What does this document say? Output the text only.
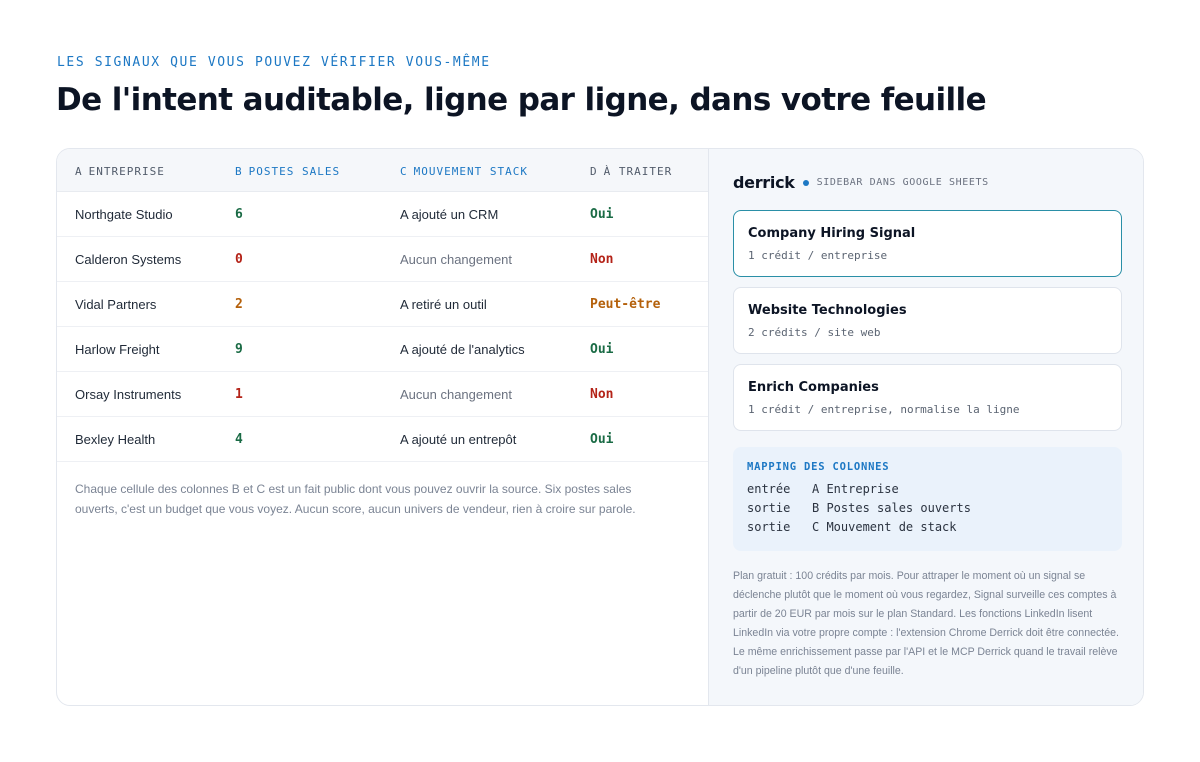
LES SIGNAUX QUE VOUS POUVEZ VÉRIFIER VOUS-MÊME
De l'intent auditable, ligne par ligne, dans votre feuille
A ENTREPRISE	B POSTES SALES	C MOUVEMENT STACK	D À TRAITER
Northgate Studio	6	A ajouté un CRM	Oui
Calderon Systems	0	Aucun changement	Non
Vidal Partners	2	A retiré un outil	Peut-être
Harlow Freight	9	A ajouté de l'analytics	Oui
Orsay Instruments	1	Aucun changement	Non
Bexley Health	4	A ajouté un entrepôt	Oui

Chaque cellule des colonnes B et C est un fait public dont vous pouvez ouvrir la source. Six postes sales ouverts, c'est un budget que vous voyez. Aucun score, aucun univers de vendeur, rien à croire sur parole.

derrick SIDEBAR DANS GOOGLE SHEETS
Company Hiring Signal
1 crédit / entreprise
Website Technologies
2 crédits / site web
Enrich Companies
1 crédit / entreprise, normalise la ligne
MAPPING DES COLONNES
entrée A Entreprise
sortie B Postes sales ouverts
sortie C Mouvement de stack

Plan gratuit : 100 crédits par mois. Pour attraper le moment où un signal se déclenche plutôt que le moment où vous regardez, Signal surveille ces comptes à partir de 20 EUR par mois sur le plan Standard. Les fonctions LinkedIn lisent LinkedIn via votre propre compte : l'extension Chrome Derrick doit être connectée. Le même enrichissement passe par l'API et le MCP Derrick quand le travail relève d'un pipeline plutôt que d'une feuille.
